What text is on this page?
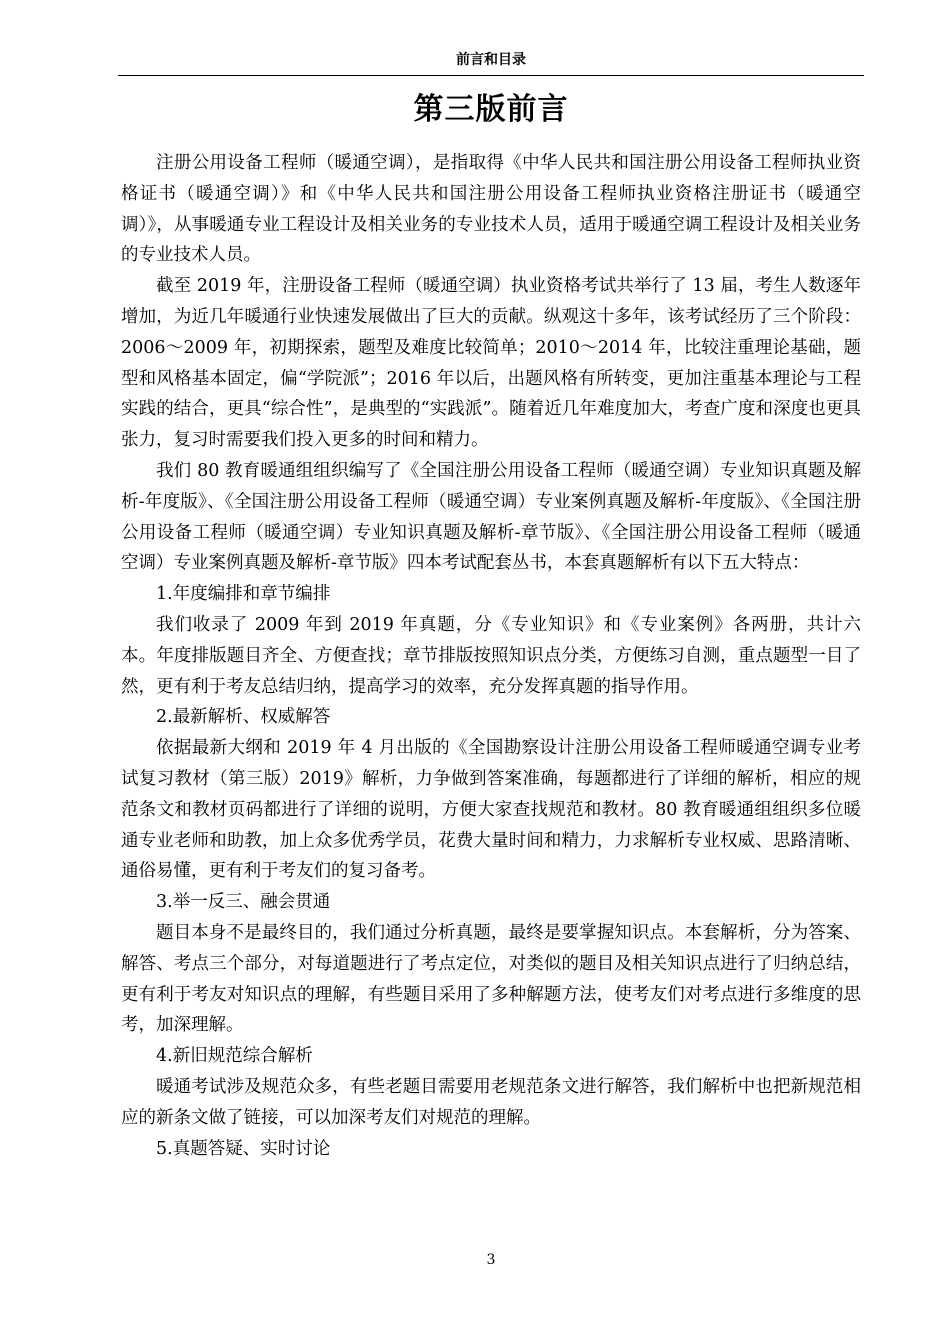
前言和目录
第三版前言

注册公用设备工程师（暖通空调），是指取得《中华人民共和国注册公用设备工程师执业资格证书（暖通空调）》和《中华人民共和国注册公用设备工程师执业资格注册证书（暖通空调）》，从事暖通专业工程设计及相关业务的专业技术人员，适用于暖通空调工程设计及相关业务的专业技术人员。

截至 2019 年，注册设备工程师（暖通空调）执业资格考试共举行了 13 届，考生人数逐年增加，为近几年暖通行业快速发展做出了巨大的贡献。纵观这十多年，该考试经历了三个阶段：2006～2009 年，初期探索，题型及难度比较简单；2010～2014 年，比较注重理论基础，题型和风格基本固定，偏“学院派”；2016 年以后，出题风格有所转变，更加注重基本理论与工程实践的结合，更具“综合性”，是典型的“实践派”。随着近几年难度加大，考查广度和深度也更具张力，复习时需要我们投入更多的时间和精力。

我们 80 教育暖通组组织编写了《全国注册公用设备工程师（暖通空调）专业知识真题及解析-年度版》、《全国注册公用设备工程师（暖通空调）专业案例真题及解析-年度版》、《全国注册公用设备工程师（暖通空调）专业知识真题及解析-章节版》、《全国注册公用设备工程师（暖通空调）专业案例真题及解析-章节版》四本考试配套丛书，本套真题解析有以下五大特点：

1.年度编排和章节编排

我们收录了 2009 年到 2019 年真题，分《专业知识》和《专业案例》各两册，共计六本。年度排版题目齐全、方便查找；章节排版按照知识点分类，方便练习自测，重点题型一目了然，更有利于考友总结归纳，提高学习的效率，充分发挥真题的指导作用。

2.最新解析、权威解答

依据最新大纲和 2019 年 4 月出版的《全国勘察设计注册公用设备工程师暖通空调专业考试复习教材（第三版）2019》解析，力争做到答案准确，每题都进行了详细的解析，相应的规范条文和教材页码都进行了详细的说明，方便大家查找规范和教材。80 教育暖通组组织多位暖通专业老师和助教，加上众多优秀学员，花费大量时间和精力，力求解析专业权威、思路清晰、通俗易懂，更有利于考友们的复习备考。

3.举一反三、融会贯通

题目本身不是最终目的，我们通过分析真题，最终是要掌握知识点。本套解析，分为答案、解答、考点三个部分，对每道题进行了考点定位，对类似的题目及相关知识点进行了归纳总结，更有利于考友对知识点的理解，有些题目采用了多种解题方法，使考友们对考点进行多维度的思考，加深理解。

4.新旧规范综合解析

暖通考试涉及规范众多，有些老题目需要用老规范条文进行解答，我们解析中也把新规范相应的新条文做了链接，可以加深考友们对规范的理解。

5.真题答疑、实时讨论

3
